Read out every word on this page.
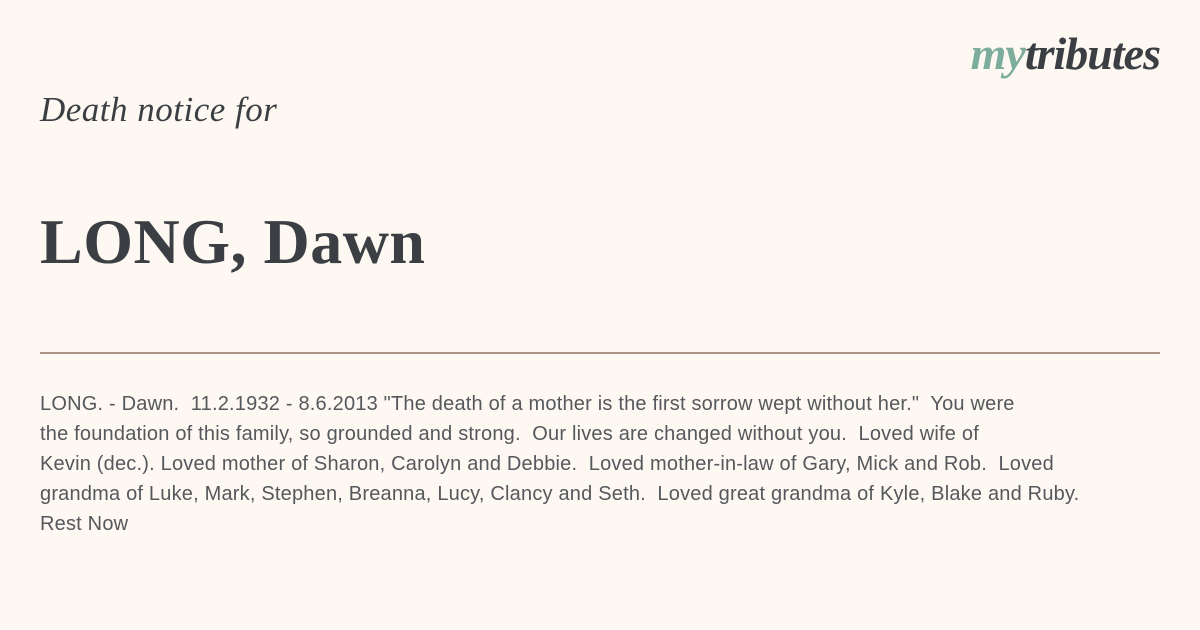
mytributes
Death notice for
LONG, Dawn
LONG. - Dawn.  11.2.1932 - 8.6.2013 "The death of a mother is the first sorrow wept without her."  You were
the foundation of this family, so grounded and strong.  Our lives are changed without you.  Loved wife of
Kevin (dec.). Loved mother of Sharon, Carolyn and Debbie.  Loved mother-in-law of Gary, Mick and Rob.  Loved
grandma of Luke, Mark, Stephen, Breanna, Lucy, Clancy and Seth.  Loved great grandma of Kyle, Blake and Ruby.
Rest Now
